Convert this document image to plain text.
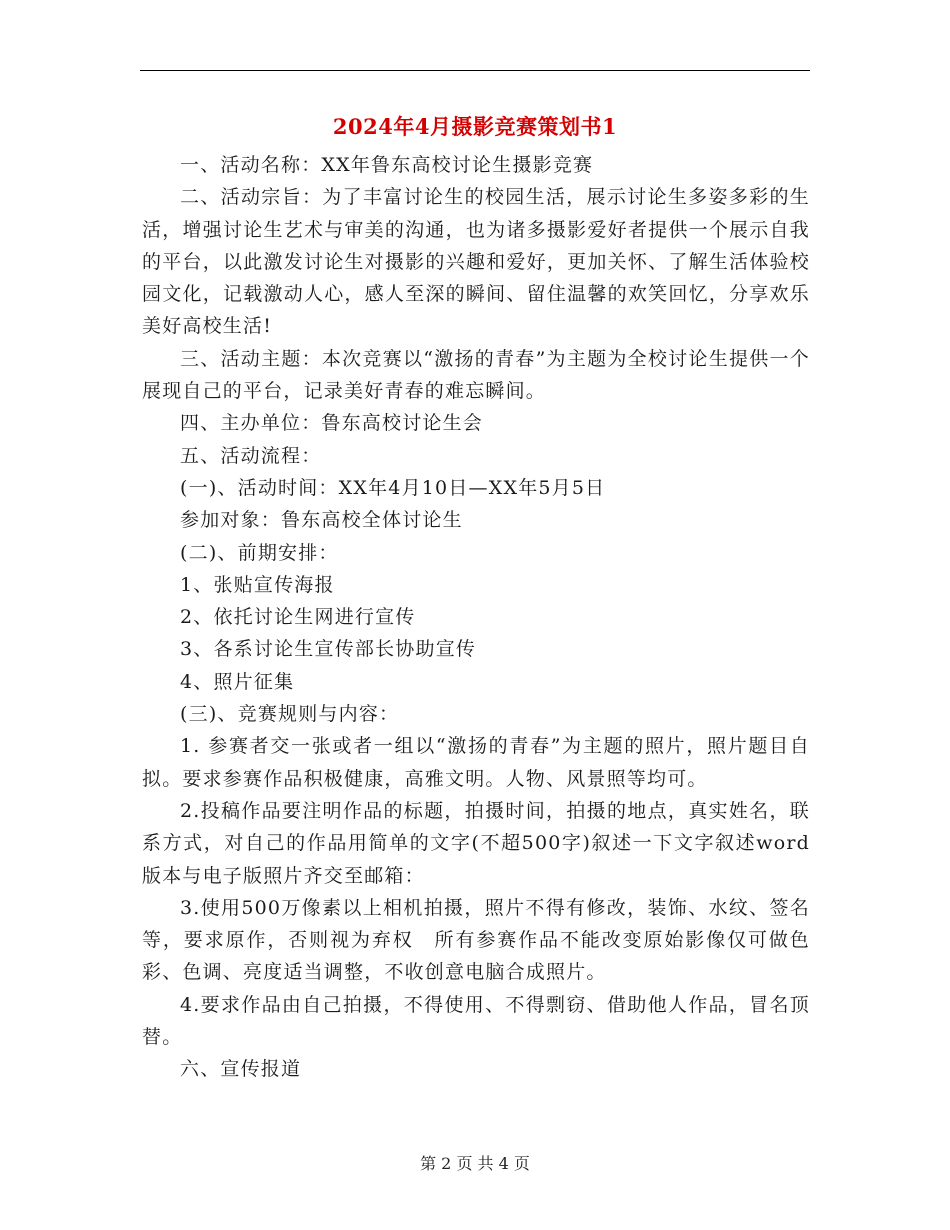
2024年4月摄影竞赛策划书1

一、活动名称：XX年鲁东高校讨论生摄影竞赛

二、活动宗旨：为了丰富讨论生的校园生活，展示讨论生多姿多彩的生活，增强讨论生艺术与审美的沟通，也为诸多摄影爱好者提供一个展示自我的平台，以此激发讨论生对摄影的兴趣和爱好，更加关怀、了解生活体验校园文化，记载激动人心，感人至深的瞬间、留住温馨的欢笑回忆，分享欢乐美好高校生活!

三、活动主题：本次竞赛以“激扬的青春”为主题为全校讨论生提供一个展现自己的平台，记录美好青春的难忘瞬间。

四、主办单位：鲁东高校讨论生会

五、活动流程：

(一)、活动时间：XX年4月10日—XX年5月5日

参加对象：鲁东高校全体讨论生

(二)、前期安排：

1、张贴宣传海报

2、依托讨论生网进行宣传

3、各系讨论生宣传部长协助宣传

4、照片征集

(三)、竞赛规则与内容：

1. 参赛者交一张或者一组以“激扬的青春”为主题的照片，照片题目自拟。要求参赛作品积极健康，高雅文明。人物、风景照等均可。

2.投稿作品要注明作品的标题，拍摄时间，拍摄的地点，真实姓名，联系方式，对自己的作品用简单的文字(不超500字)叙述一下文字叙述word版本与电子版照片齐交至邮箱：

3.使用500万像素以上相机拍摄，照片不得有修改，装饰、水纹、签名等，要求原作，否则视为弃权　所有参赛作品不能改变原始影像仅可做色彩、色调、亮度适当调整，不收创意电脑合成照片。

4.要求作品由自己拍摄，不得使用、不得剽窃、借助他人作品，冒名顶替。

六、宣传报道

第 2 页 共 4 页
